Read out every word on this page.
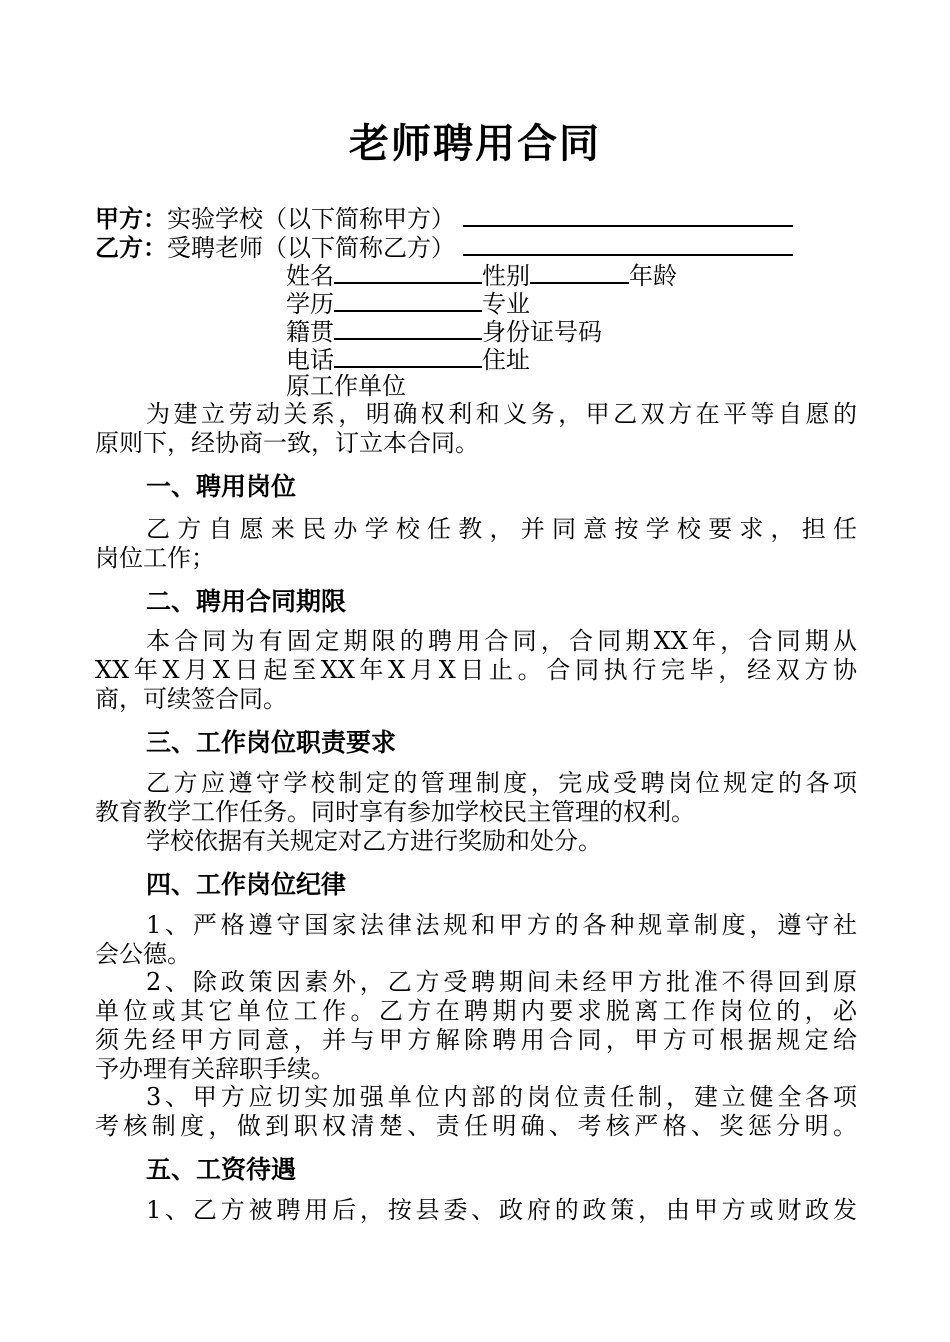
老师聘用合同
甲方：实验学校（以下简称甲方）
乙方：受聘老师（以下简称乙方）
姓名	性别	年龄
学历	专业
籍贯	身份证号码
电话	住址
原工作单位
为建立劳动关系，明确权利和义务，甲乙双方在平等自愿的
原则下，经协商一致，订立本合同。
一、聘用岗位
乙方自愿来民办学校任教，并同意按学校要求，担任
岗位工作；
二、聘用合同期限
本合同为有固定期限的聘用合同，合同期XX年，合同期从
XX年X月X日起至XX年X月X日止。合同执行完毕，经双方协
商，可续签合同。
三、工作岗位职责要求
乙方应遵守学校制定的管理制度，完成受聘岗位规定的各项
教育教学工作任务。同时享有参加学校民主管理的权利。
学校依据有关规定对乙方进行奖励和处分。
四、工作岗位纪律
1、严格遵守国家法律法规和甲方的各种规章制度，遵守社
会公德。
2、除政策因素外，乙方受聘期间未经甲方批准不得回到原
单位或其它单位工作。乙方在聘期内要求脱离工作岗位的，必
须先经甲方同意，并与甲方解除聘用合同，甲方可根据规定给
予办理有关辞职手续。
3、甲方应切实加强单位内部的岗位责任制，建立健全各项
考核制度，做到职权清楚、责任明确、考核严格、奖惩分明。
五、工资待遇
1、乙方被聘用后，按县委、政府的政策，由甲方或财政发
